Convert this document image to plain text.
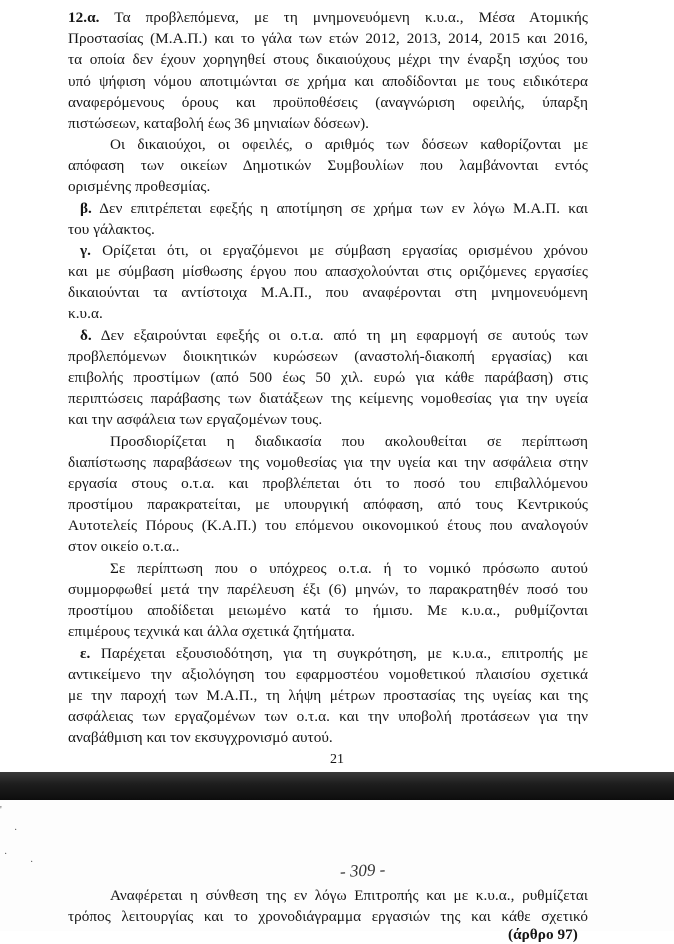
12.α. Τα προβλεπόμενα, με τη μνημονευόμενη κ.υ.α., Μέσα Ατομικής
Προστασίας (Μ.Α.Π.) και το γάλα των ετών 2012, 2013, 2014, 2015 και 2016,
τα οποία δεν έχουν χορηγηθεί στους δικαιούχους μέχρι την έναρξη ισχύος του
υπό ψήφιση νόμου αποτιμώνται σε χρήμα και αποδίδονται με τους ειδικότερα
αναφερόμενους όρους και προϋποθέσεις (αναγνώριση οφειλής, ύπαρξη
πιστώσεων, καταβολή έως 36 μηνιαίων δόσεων).
Οι δικαιούχοι, οι οφειλές, ο αριθμός των δόσεων καθορίζονται με
απόφαση των οικείων Δημοτικών Συμβουλίων που λαμβάνονται εντός
ορισμένης προθεσμίας.
β. Δεν επιτρέπεται εφεξής η αποτίμηση σε χρήμα των εν λόγω Μ.Α.Π. και
του γάλακτος.
γ. Ορίζεται ότι, οι εργαζόμενοι με σύμβαση εργασίας ορισμένου χρόνου
και με σύμβαση μίσθωσης έργου που απασχολούνται στις οριζόμενες εργασίες
δικαιούνται τα αντίστοιχα Μ.Α.Π., που αναφέρονται στη μνημονευόμενη
κ.υ.α.
δ. Δεν εξαιρούνται εφεξής οι ο.τ.α. από τη μη εφαρμογή σε αυτούς των
προβλεπόμενων διοικητικών κυρώσεων (αναστολή-διακοπή εργασίας) και
επιβολής προστίμων (από 500 έως 50 χιλ. ευρώ για κάθε παράβαση) στις
περιπτώσεις παράβασης των διατάξεων της κείμενης νομοθεσίας για την υγεία
και την ασφάλεια των εργαζομένων τους.
Προσδιορίζεται η διαδικασία που ακολουθείται σε περίπτωση
διαπίστωσης παραβάσεων της νομοθεσίας για την υγεία και την ασφάλεια στην
εργασία στους ο.τ.α. και προβλέπεται ότι το ποσό του επιβαλλόμενου
προστίμου παρακρατείται, με υπουργική απόφαση, από τους Κεντρικούς
Αυτοτελείς Πόρους (Κ.Α.Π.) του επόμενου οικονομικού έτους που αναλογούν
στον οικείο ο.τ.α..
Σε περίπτωση που ο υπόχρεος ο.τ.α. ή το νομικό πρόσωπο αυτού
συμμορφωθεί μετά την παρέλευση έξι (6) μηνών, το παρακρατηθέν ποσό του
προστίμου αποδίδεται μειωμένο κατά το ήμισυ. Με κ.υ.α., ρυθμίζονται
επιμέρους τεχνικά και άλλα σχετικά ζητήματα.
ε. Παρέχεται εξουσιοδότηση, για τη συγκρότηση, με κ.υ.α., επιτροπής με
αντικείμενο την αξιολόγηση του εφαρμοστέου νομοθετικού πλαισίου σχετικά
με την παροχή των Μ.Α.Π., τη λήψη μέτρων προστασίας της υγείας και της
ασφάλειας των εργαζομένων των ο.τ.α. και την υποβολή προτάσεων για την
αναβάθμιση και τον εκσυγχρονισμό αυτού.
21
'
·
·
·	- 309 -
Αναφέρεται η σύνθεση της εν λόγω Επιτροπής και με κ.υ.α., ρυθμίζεται
τρόπος λειτουργίας και το χρονοδιάγραμμα εργασιών της και κάθε σχετικό
(άρθρο 97)
